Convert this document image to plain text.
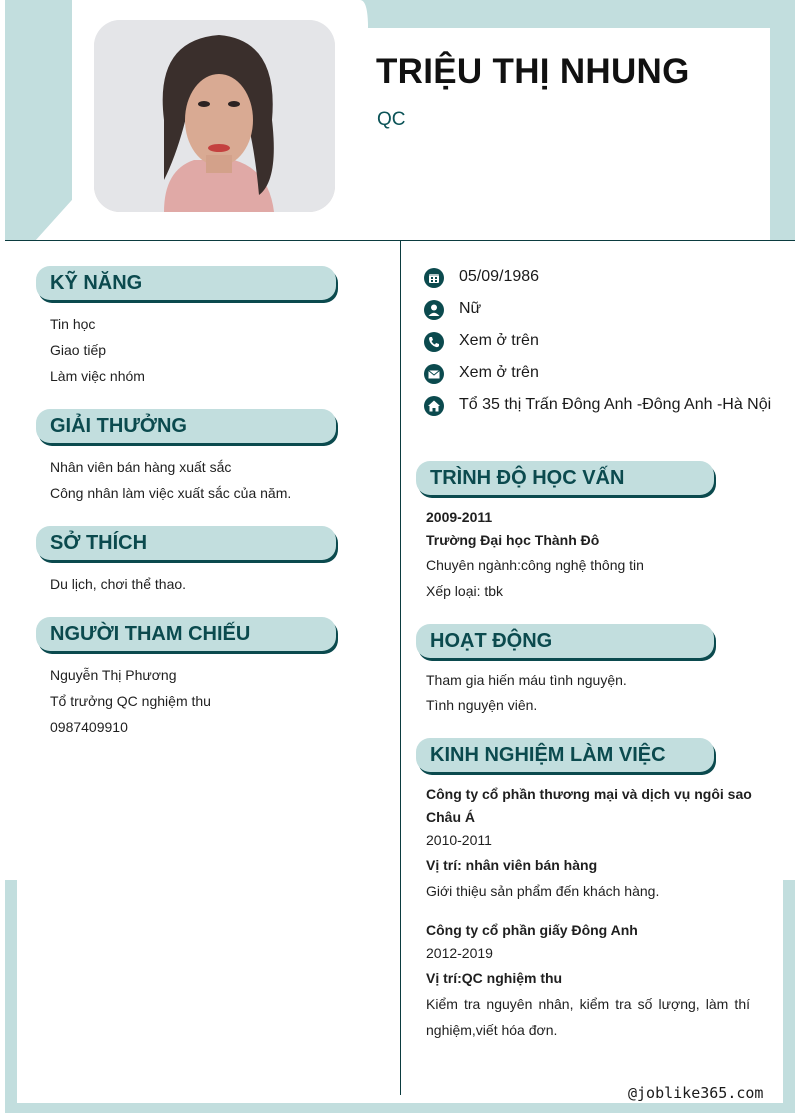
TRIỆU THỊ NHUNG
QC
KỸ NĂNG
Tin học
Giao tiếp
Làm việc nhóm
GIẢI THƯỞNG
Nhân viên bán hàng xuất sắc
Công nhân làm việc xuất sắc của năm.
SỞ THÍCH
Du lịch, chơi thể thao.
NGƯỜI THAM CHIẾU
Nguyễn Thị Phương
Tổ trưởng QC nghiệm thu
0987409910
05/09/1986
Nữ
Xem ở trên
Xem ở trên
Tổ 35 thị Trấn Đông Anh -Đông Anh -Hà Nội
TRÌNH ĐỘ HỌC VẤN
2009-2011
Trường Đại học Thành Đô
Chuyên ngành:công nghệ thông tin
Xếp loại: tbk
HOẠT ĐỘNG
Tham gia hiến máu tình nguyện.
Tình nguyện viên.
KINH NGHIỆM LÀM VIỆC
Công ty cổ phần thương mại và dịch vụ ngôi sao
Châu Á
2010-2011
Vị trí: nhân viên bán hàng
Giới thiệu sản phẩm đến khách hàng.
Công ty cổ phần giấy Đông Anh
2012-2019
Vị trí:QC nghiệm thu
Kiểm tra nguyên nhân, kiểm tra số lượng, làm thí
nghiệm,viết hóa đơn.
@joblike365.com
